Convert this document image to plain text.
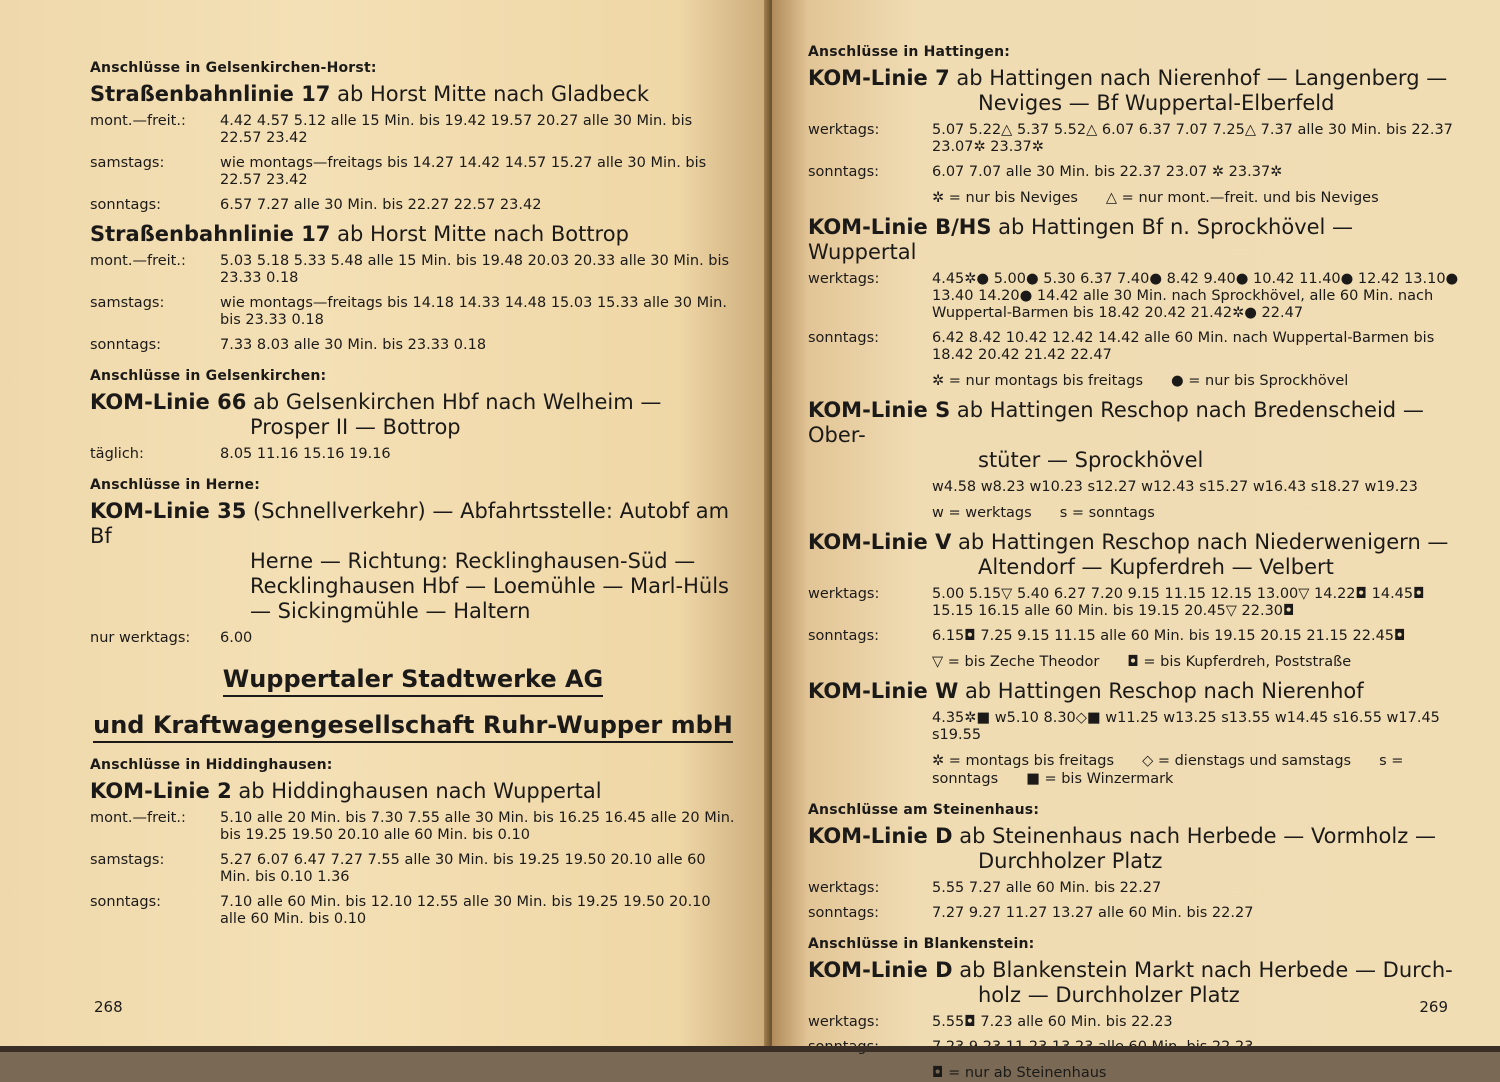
Anschlüsse in Gelsenkirchen-Horst:
Straßenbahnlinie 17 ab Horst Mitte nach Gladbeck
mont.—freit.:	4.42 4.57 5.12 alle 15 Min. bis 19.42 19.57 20.27 alle 30 Min. bis 22.57 23.42
samstags:	wie montags—freitags bis 14.27 14.42 14.57 15.27 alle 30 Min. bis 22.57 23.42
sonntags:	6.57 7.27 alle 30 Min. bis 22.27 22.57 23.42
Straßenbahnlinie 17 ab Horst Mitte nach Bottrop
mont.—freit.:	5.03 5.18 5.33 5.48 alle 15 Min. bis 19.48 20.03 20.33 alle 30 Min. bis 23.33 0.18
samstags:	wie montags—freitags bis 14.18 14.33 14.48 15.03 15.33 alle 30 Min. bis 23.33 0.18
sonntags:	7.33 8.03 alle 30 Min. bis 23.33 0.18
Anschlüsse in Gelsenkirchen:
KOM-Linie 66 ab Gelsenkirchen Hbf nach Welheim —
Prosper II — Bottrop
täglich:	8.05 11.16 15.16 19.16
Anschlüsse in Herne:
KOM-Linie 35 (Schnellverkehr) — Abfahrtsstelle: Autobf am Bf
Herne — Richtung: Recklinghausen-Süd — Recklinghausen Hbf — Loemühle — Marl-Hüls — Sickingmühle — Haltern
nur werktags:	6.00
Wuppertaler Stadtwerke AG
und Kraftwagengesellschaft Ruhr-Wupper mbH
Anschlüsse in Hiddinghausen:
KOM-Linie 2 ab Hiddinghausen nach Wuppertal
mont.—freit.:	5.10 alle 20 Min. bis 7.30 7.55 alle 30 Min. bis 16.25 16.45 alle 20 Min. bis 19.25 19.50 20.10 alle 60 Min. bis 0.10
samstags:	5.27 6.07 6.47 7.27 7.55 alle 30 Min. bis 19.25 19.50 20.10 alle 60 Min. bis 0.10 1.36
sonntags:	7.10 alle 60 Min. bis 12.10 12.55 alle 30 Min. bis 19.25 19.50 20.10 alle 60 Min. bis 0.10
268
Anschlüsse in Hattingen:
KOM-Linie 7 ab Hattingen nach Nierenhof — Langenberg —
Neviges — Bf Wuppertal-Elberfeld
werktags:	5.07 5.22△ 5.37 5.52△ 6.07 6.37 7.07 7.25△ 7.37 alle 30 Min. bis 22.37 23.07✲ 23.37✲
sonntags:	6.07 7.07 alle 30 Min. bis 22.37 23.07 ✲ 23.37✲
✲ = nur bis Neviges △ = nur mont.—freit. und bis Neviges
KOM-Linie B/HS ab Hattingen Bf n. Sprockhövel — Wuppertal
werktags:	4.45✲● 5.00● 5.30 6.37 7.40● 8.42 9.40● 10.42 11.40● 12.42 13.10● 13.40 14.20● 14.42 alle 30 Min. nach Sprockhövel, alle 60 Min. nach Wuppertal-Barmen bis 18.42 20.42 21.42✲● 22.47
sonntags:	6.42 8.42 10.42 12.42 14.42 alle 60 Min. nach Wuppertal-Barmen bis 18.42 20.42 21.42 22.47
✲ = nur montags bis freitags ● = nur bis Sprockhövel
KOM-Linie S ab Hattingen Reschop nach Bredenscheid — Ober-
stüter — Sprockhövel
w4.58 w8.23 w10.23 s12.27 w12.43 s15.27 w16.43 s18.27 w19.23
w = werktags s = sonntags
KOM-Linie V ab Hattingen Reschop nach Niederwenigern —
Altendorf — Kupferdreh — Velbert
werktags:	5.00 5.15▽ 5.40 6.27 7.20 9.15 11.15 12.15 13.00▽ 14.22◘ 14.45◘ 15.15 16.15 alle 60 Min. bis 19.15 20.45▽ 22.30◘
sonntags:	6.15◘ 7.25 9.15 11.15 alle 60 Min. bis 19.15 20.15 21.15 22.45◘
▽ = bis Zeche Theodor ◘ = bis Kupferdreh, Poststraße
KOM-Linie W ab Hattingen Reschop nach Nierenhof
4.35✲■ w5.10 8.30◇■ w11.25 w13.25 s13.55 w14.45 s16.55 w17.45 s19.55
✲ = montags bis freitags ◇ = dienstags und samstags s = sonntags ■ = bis Winzermark
Anschlüsse am Steinenhaus:
KOM-Linie D ab Steinenhaus nach Herbede — Vormholz —
Durchholzer Platz
werktags:	5.55 7.27 alle 60 Min. bis 22.27
sonntags:	7.27 9.27 11.27 13.27 alle 60 Min. bis 22.27
Anschlüsse in Blankenstein:
KOM-Linie D ab Blankenstein Markt nach Herbede — Durch-
holz — Durchholzer Platz
werktags:	5.55◘ 7.23 alle 60 Min. bis 22.23
◘ = nur ab Steinenhaus
269
